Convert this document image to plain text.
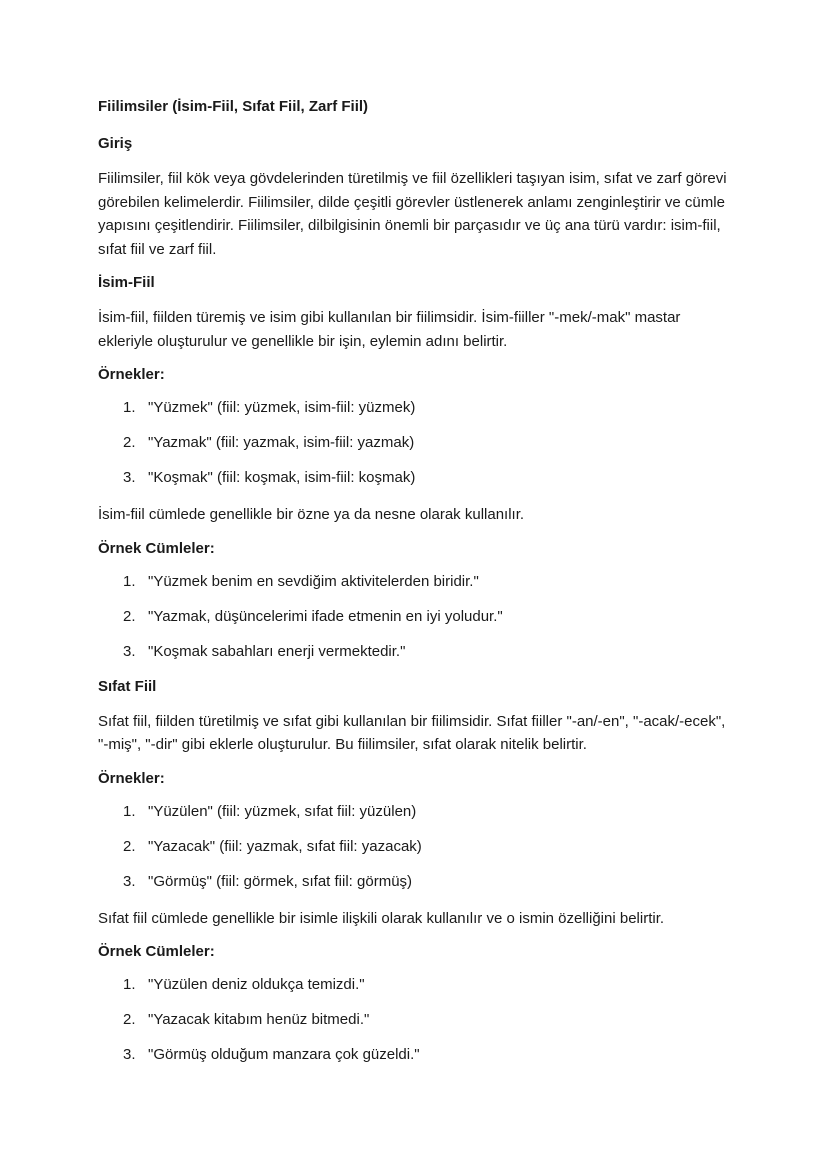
Fiilimsiler (İsim-Fiil, Sıfat Fiil, Zarf Fiil)
Giriş

Fiilimsiler, fiil kök veya gövdelerinden türetilmiş ve fiil özellikleri taşıyan isim, sıfat ve zarf görevi görebilen kelimelerdir. Fiilimsiler, dilde çeşitli görevler üstlenerek anlamı zenginleştirir ve cümle yapısını çeşitlendirir. Fiilimsiler, dilbilgisinin önemli bir parçasıdır ve üç ana türü vardır: isim-fiil, sıfat fiil ve zarf fiil.

İsim-Fiil

İsim-fiil, fiilden türemiş ve isim gibi kullanılan bir fiilimsidir. İsim-fiiller "-mek/-mak" mastar ekleriyle oluşturulur ve genellikle bir işin, eylemin adını belirtir.

Örnekler:
1. "Yüzmek" (fiil: yüzmek, isim-fiil: yüzmek)
2. "Yazmak" (fiil: yazmak, isim-fiil: yazmak)
3. "Koşmak" (fiil: koşmak, isim-fiil: koşmak)

İsim-fiil cümlede genellikle bir özne ya da nesne olarak kullanılır.

Örnek Cümleler:
1. "Yüzmek benim en sevdiğim aktivitelerden biridir."
2. "Yazmak, düşüncelerimi ifade etmenin en iyi yoludur."
3. "Koşmak sabahları enerji vermektedir."
Sıfat Fiil

Sıfat fiil, fiilden türetilmiş ve sıfat gibi kullanılan bir fiilimsidir. Sıfat fiiller "-an/-en", "-acak/-ecek", "-miş", "-dir" gibi eklerle oluşturulur. Bu fiilimsiler, sıfat olarak nitelik belirtir.

Örnekler:
1. "Yüzülen" (fiil: yüzmek, sıfat fiil: yüzülen)
2. "Yazacak" (fiil: yazmak, sıfat fiil: yazacak)
3. "Görmüş" (fiil: görmek, sıfat fiil: görmüş)

Sıfat fiil cümlede genellikle bir isimle ilişkili olarak kullanılır ve o ismin özelliğini belirtir.

Örnek Cümleler:
1. "Yüzülen deniz oldukça temizdi."
2. "Yazacak kitabım henüz bitmedi."
3. "Görmüş olduğum manzara çok güzeldi."
